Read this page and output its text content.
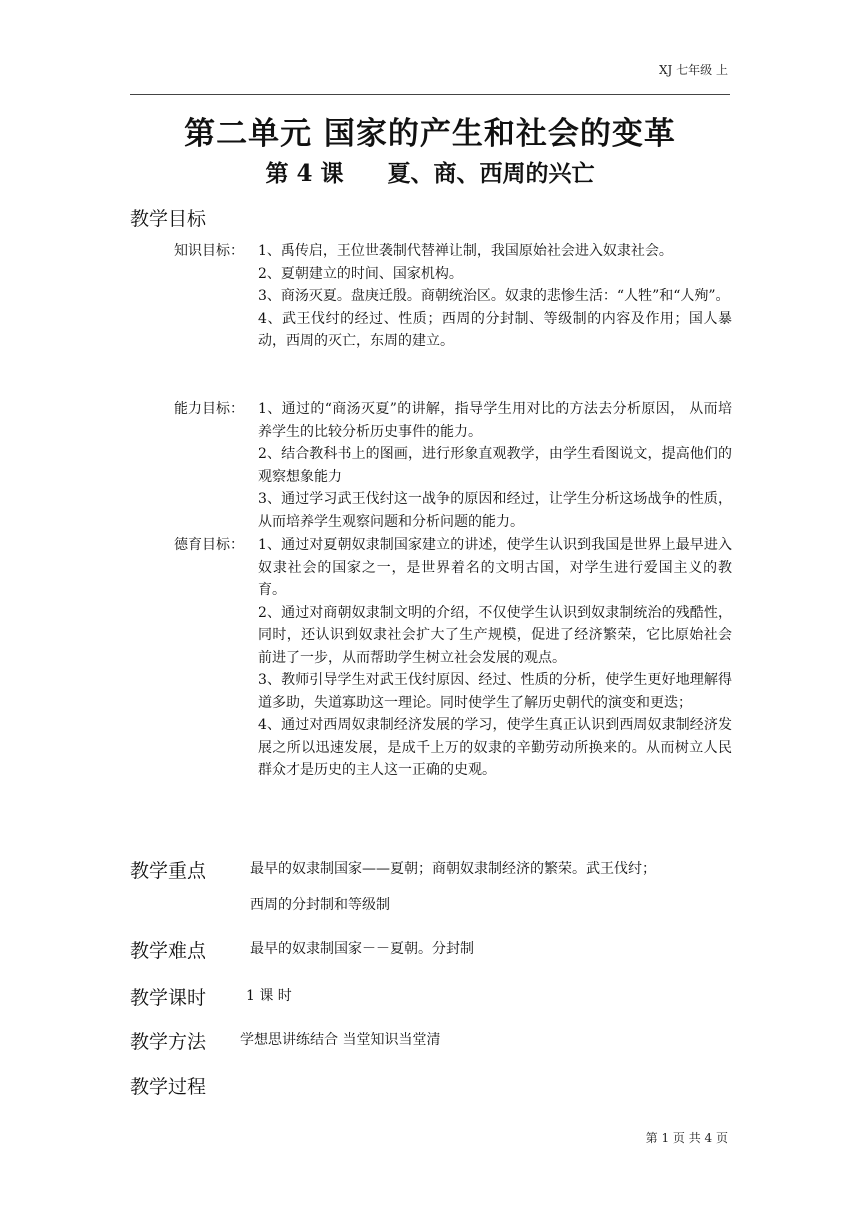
XJ 七年级 上
第二单元 国家的产生和社会的变革
第 4 课 夏、商、西周的兴亡
教学目标
知识目标：	1、禹传启，王位世袭制代替禅让制，我国原始社会进入奴隶社会。
2、夏朝建立的时间、国家机构。
3、商汤灭夏。盘庚迁殷。商朝统治区。奴隶的悲惨生活：“人牲”和“人殉”。
4、武王伐纣的经过、性质；西周的分封制、等级制的内容及作用；国人暴动，西周的灭亡，东周的建立。
能力目标：	1、通过的“商汤灭夏”的讲解，指导学生用对比的方法去分析原因， 从而培养学生的比较分析历史事件的能力。
2、结合教科书上的图画，进行形象直观教学，由学生看图说文，提高他们的观察想象能力
3、通过学习武王伐纣这一战争的原因和经过，让学生分析这场战争的性质，从而培养学生观察问题和分析问题的能力。
德育目标：	1、通过对夏朝奴隶制国家建立的讲述，使学生认识到我国是世界上最早进入奴隶社会的国家之一，是世界着名的文明古国，对学生进行爱国主义的教育。
2、通过对商朝奴隶制文明的介绍，不仅使学生认识到奴隶制统治的残酷性，同时，还认识到奴隶社会扩大了生产规模，促进了经济繁荣，它比原始社会前进了一步，从而帮助学生树立社会发展的观点。
3、教师引导学生对武王伐纣原因、经过、性质的分析，使学生更好地理解得道多助，失道寡助这一理论。同时使学生了解历史朝代的演变和更迭；
4、通过对西周奴隶制经济发展的学习，使学生真正认识到西周奴隶制经济发展之所以迅速发展，是成千上万的奴隶的辛勤劳动所换来的。从而树立人民群众才是历史的主人这一正确的史观。
教学重点	最早的奴隶制国家——夏朝；商朝奴隶制经济的繁荣。武王伐纣；
西周的分封制和等级制
教学难点	最早的奴隶制国家－－夏朝。分封制
教学课时	1 课 时
教学方法 学想思讲练结合 当堂知识当堂清
教学过程
第 1 页 共 4 页
